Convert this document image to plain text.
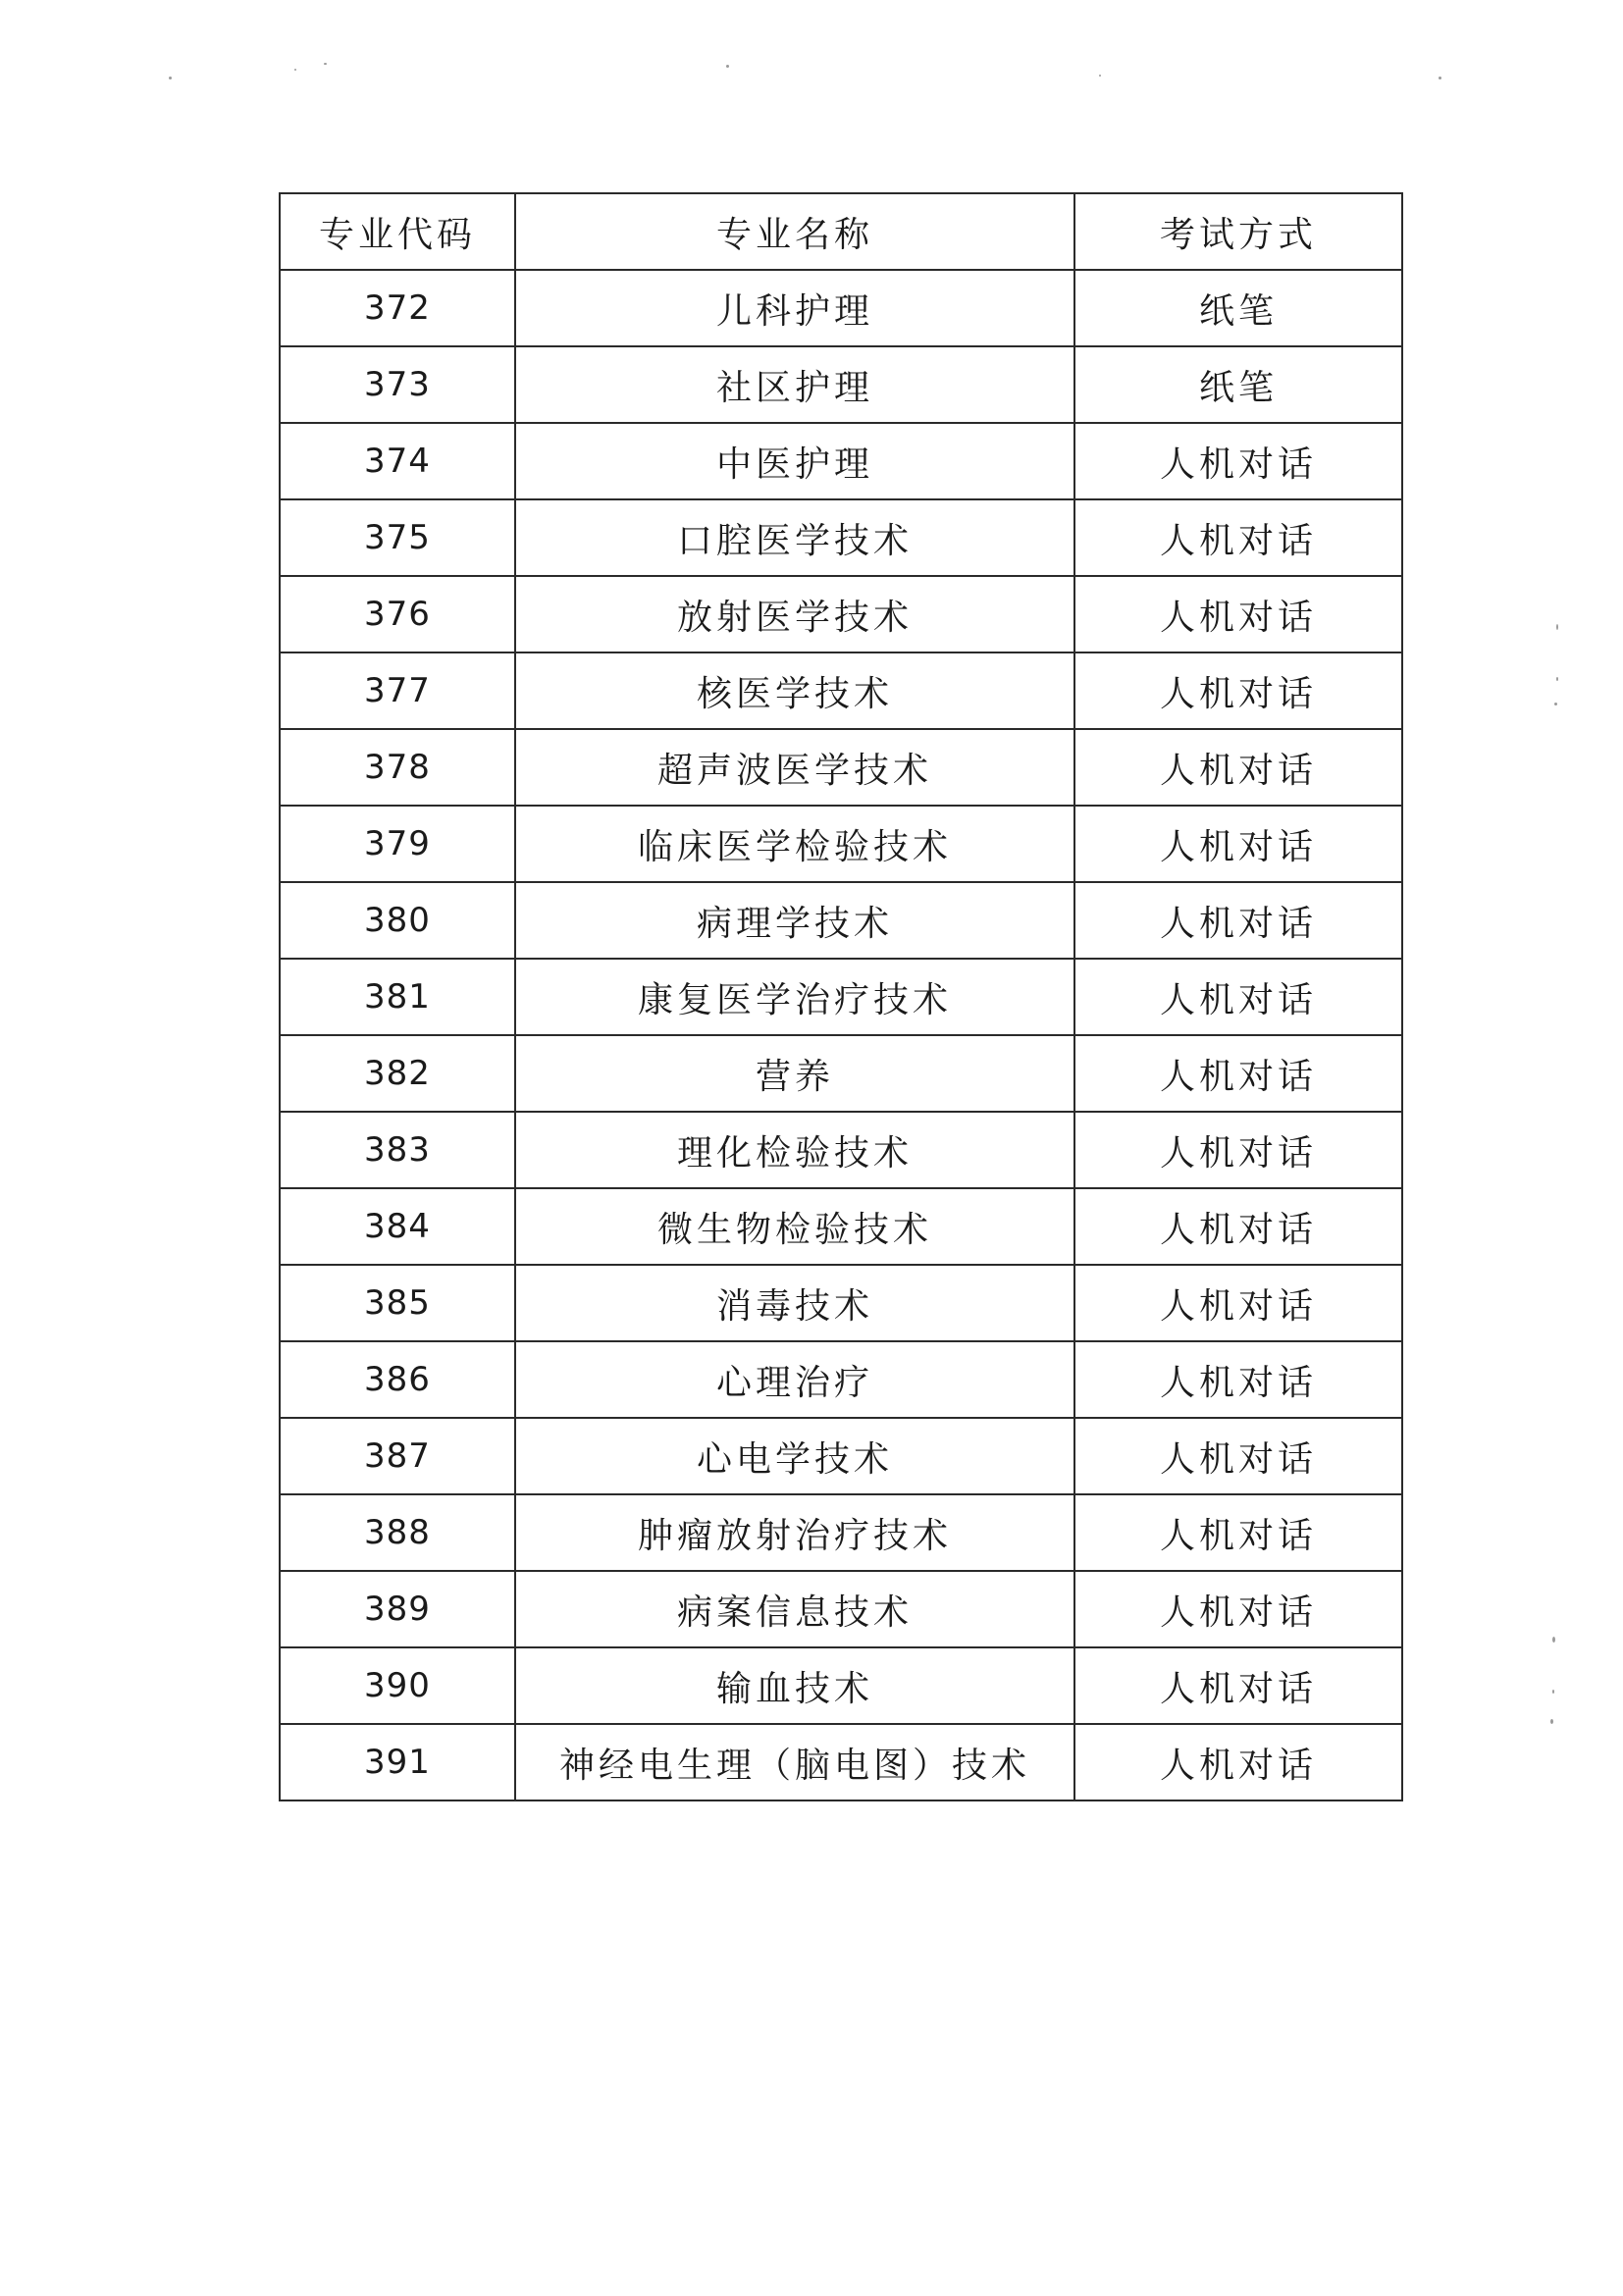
专业代码	专业名称	考试方式
372	儿科护理	纸笔
373	社区护理	纸笔
374	中医护理	人机对话
375	口腔医学技术	人机对话
376	放射医学技术	人机对话
377	核医学技术	人机对话
378	超声波医学技术	人机对话
379	临床医学检验技术	人机对话
380	病理学技术	人机对话
381	康复医学治疗技术	人机对话
382	营养	人机对话
383	理化检验技术	人机对话
384	微生物检验技术	人机对话
385	消毒技术	人机对话
386	心理治疗	人机对话
387	心电学技术	人机对话
388	肿瘤放射治疗技术	人机对话
389	病案信息技术	人机对话
390	输血技术	人机对话
391	神经电生理（脑电图）技术	人机对话
